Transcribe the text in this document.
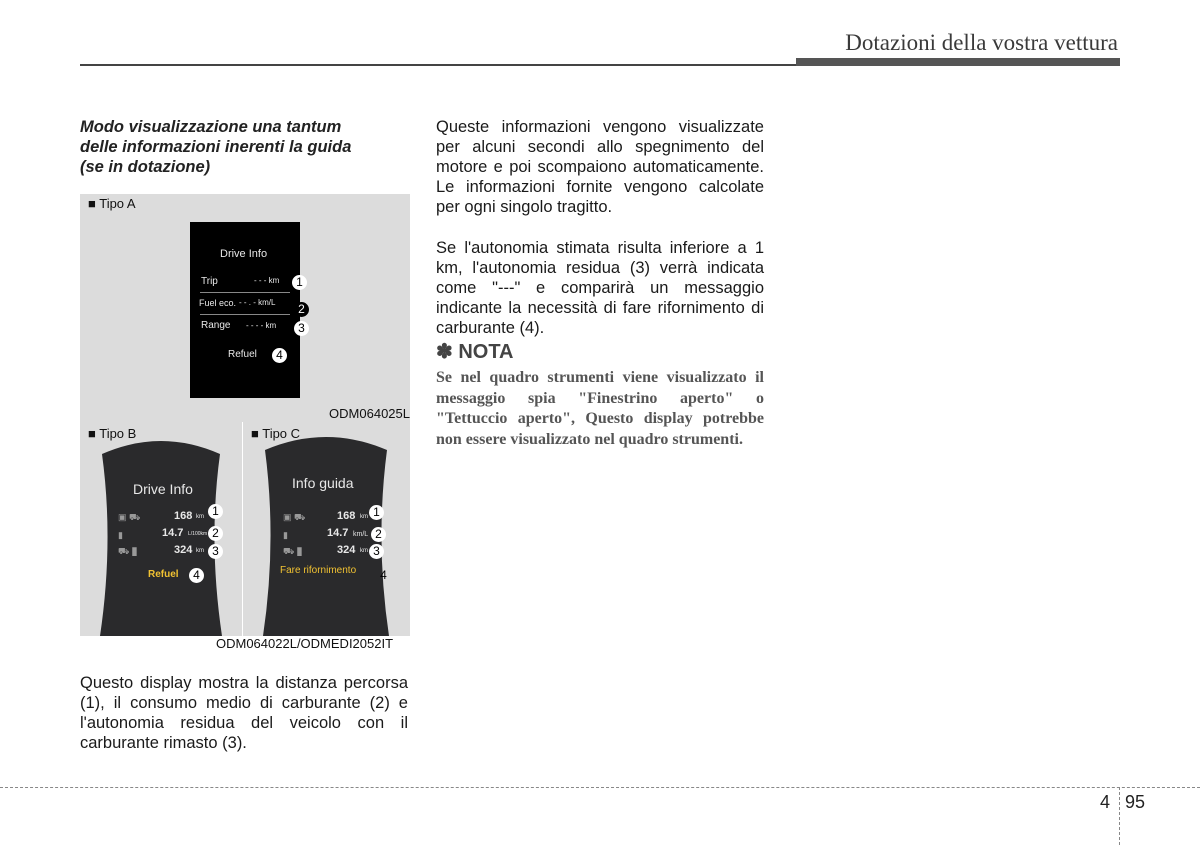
Dotazioni della vostra vettura
Modo visualizzazione una tantum
delle informazioni inerenti la guida
(se in dotazione)
■ Tipo A
Drive Info
Trip	- - - km
Fuel eco. - - . - km/L
Range - - - - km
Refuel
1
2
3
4
ODM064025L
■ Tipo B
Drive Info
▣ ⛟	168 km
▮	14.7 L/100km
⛟ ▮	324 km
Refuel
1
2
3
4
■ Tipo C
Info guida
▣ ⛟	168 km
▮	14.7 km/L
⛟ ▮	324 km
Fare rifornimento
1
2
3
4
ODM064022L/ODMEDI2052IT
Questo display mostra la distanza percorsa (1), il consumo medio di carburante (2) e l'autonomia residua del veicolo con il carburante rimasto (3).
Queste informazioni vengono visualizzate per alcuni secondi allo spegnimento del motore e poi scompaiono automaticamente. Le informazioni fornite vengono calcolate per ogni singolo tragitto.
Se l'autonomia stimata risulta inferiore a 1 km, l'autonomia residua (3) verrà indicata come "---" e comparirà un messaggio indicante la necessità di fare rifornimento di carburante (4).
✽ NOTA
Se nel quadro strumenti viene visualizzato il messaggio spia "Finestrino aperto" o "Tettuccio aperto", Questo display potrebbe non essere visualizzato nel quadro strumenti.
4 95
